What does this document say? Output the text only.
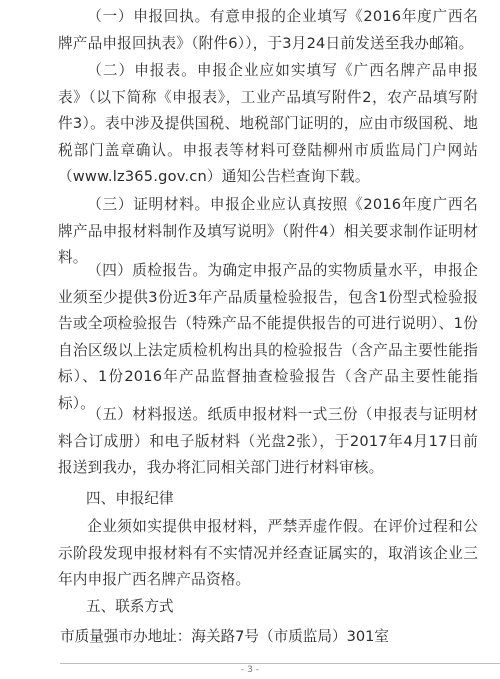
（一）申报回执。有意申报的企业填写《2016年度广西名牌产品申报回执表》（附件6）），于3月24日前发送至我办邮箱。

（二）申报表。申报企业应如实填写《广西名牌产品申报表》（以下简称《申报表》，工业产品填写附件2，农产品填写附件3）。表中涉及提供国税、地税部门证明的，应由市级国税、地税部门盖章确认。申报表等材料可登陆柳州市质监局门户网站（www.lz365.gov.cn）通知公告栏查询下载。

（三）证明材料。申报企业应认真按照《2016年度广西名牌产品申报材料制作及填写说明》（附件4）相关要求制作证明材料。

（四）质检报告。为确定申报产品的实物质量水平，申报企业须至少提供3份近3年产品质量检验报告，包含1份型式检验报告或全项检验报告（特殊产品不能提供报告的可进行说明）、1份自治区级以上法定质检机构出具的检验报告（含产品主要性能指标）、1份2016年产品监督抽查检验报告（含产品主要性能指标）。

（五）材料报送。纸质申报材料一式三份（申报表与证明材料合订成册）和电子版材料（光盘2张），于2017年4月17日前报送到我办，我办将汇同相关部门进行材料审核。

四、申报纪律

企业须如实提供申报材料，严禁弄虚作假。在评价过程和公示阶段发现申报材料有不实情况并经查证属实的，取消该企业三年内申报广西名牌产品资格。

五、联系方式

市质量强市办地址：海关路7号（市质监局）301室

- 3 -
